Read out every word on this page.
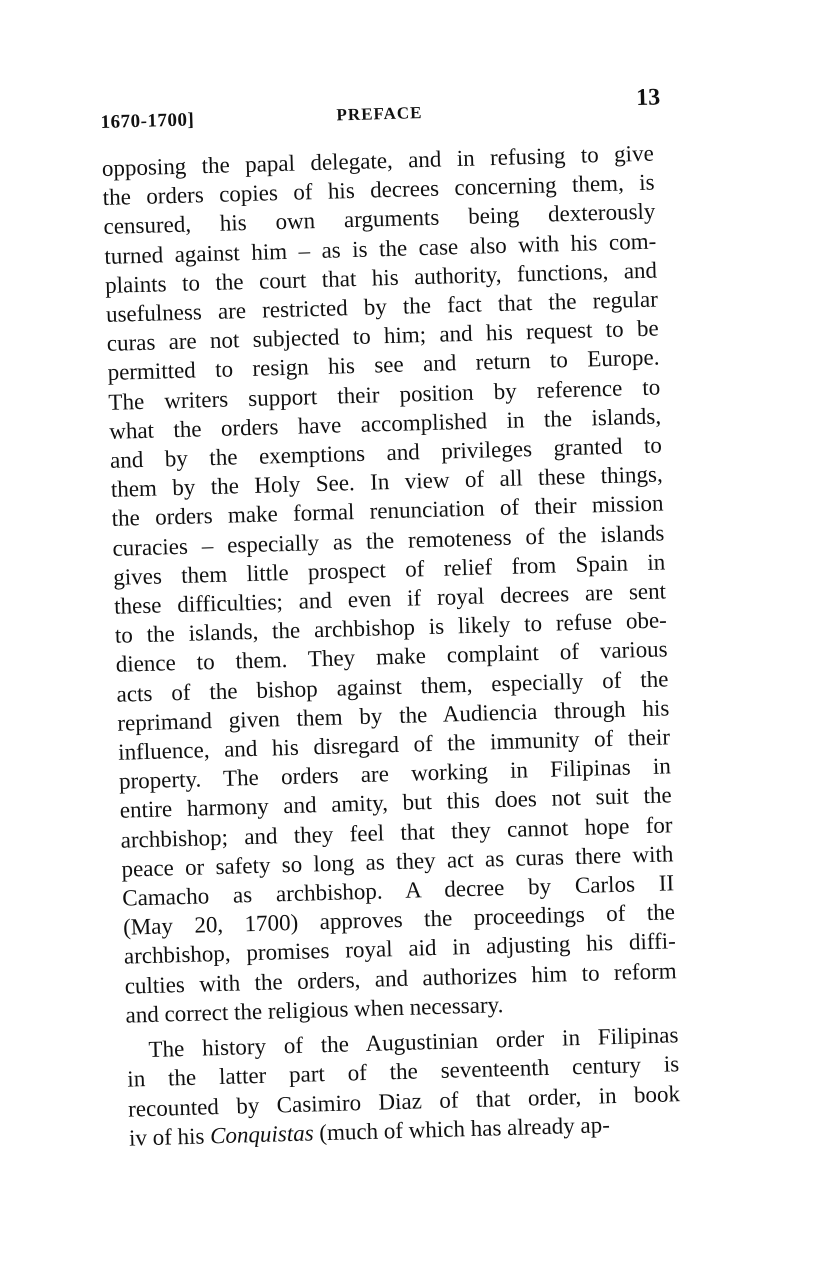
1670-1700]	PREFACE
13
opposing the papal delegate, and in refusing to give
the orders copies of his decrees concerning them, is
censured, his own arguments being dexterously
turned against him – as is the case also with his com-
plaints to the court that his authority, functions, and
usefulness are restricted by the fact that the regular
curas are not subjected to him; and his request to be
permitted to resign his see and return to Europe.
The writers support their position by reference to
what the orders have accomplished in the islands,
and by the exemptions and privileges granted to
them by the Holy See. In view of all these things,
the orders make formal renunciation of their mission
curacies – especially as the remoteness of the islands
gives them little prospect of relief from Spain in
these difficulties; and even if royal decrees are sent
to the islands, the archbishop is likely to refuse obe-
dience to them. They make complaint of various
acts of the bishop against them, especially of the
reprimand given them by the Audiencia through his
influence, and his disregard of the immunity of their
property. The orders are working in Filipinas in
entire harmony and amity, but this does not suit the
archbishop; and they feel that they cannot hope for
peace or safety so long as they act as curas there with
Camacho as archbishop. A decree by Carlos II
(May 20, 1700) approves the proceedings of the
archbishop, promises royal aid in adjusting his diffi-
culties with the orders, and authorizes him to reform
and correct the religious when necessary.
The history of the Augustinian order in Filipinas
in the latter part of the seventeenth century is
recounted by Casimiro Diaz of that order, in book
iv of his Conquistas (much of which has already ap-
